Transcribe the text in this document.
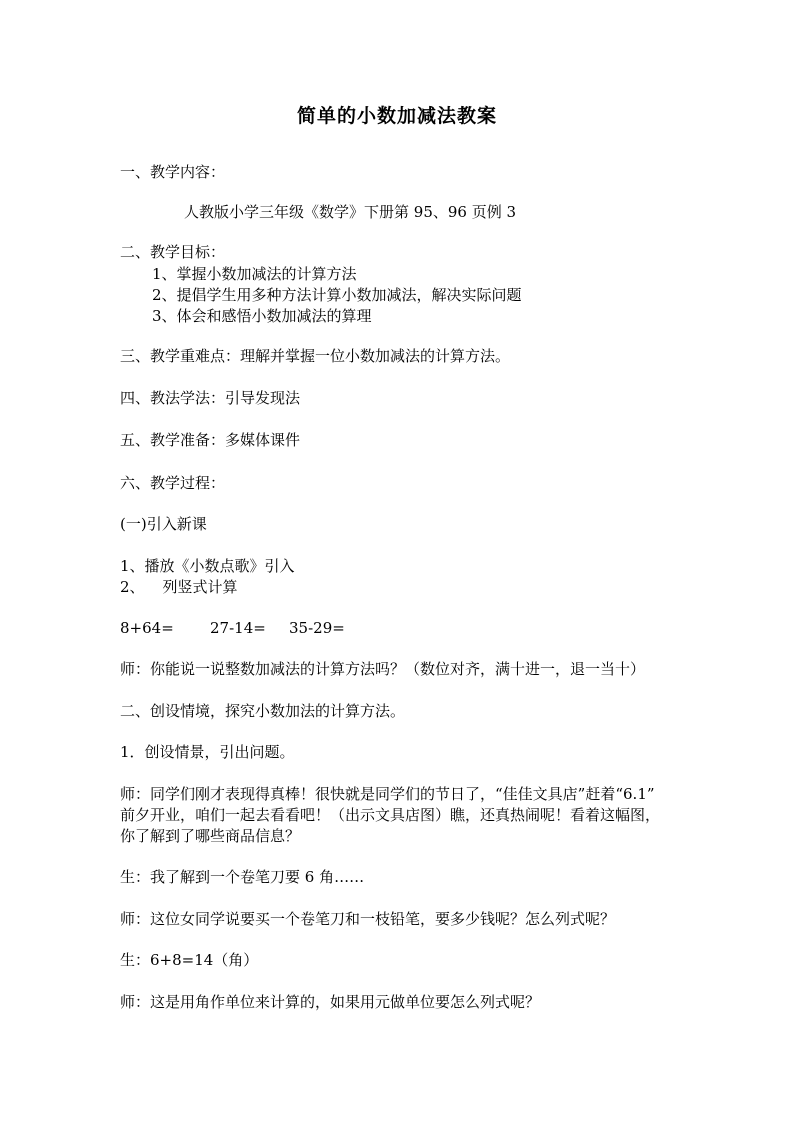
简单的小数加减法教案
一、教学内容：
人教版小学三年级《数学》下册第 95、96 页例 3
二、教学目标：
1、掌握小数加减法的计算方法
2、提倡学生用多种方法计算小数加减法，解决实际问题
3、体会和感悟小数加减法的算理
三、教学重难点：理解并掌握一位小数加减法的计算方法。
四、教法学法：引导发现法
五、教学准备：多媒体课件
六、教学过程：
(一)引入新课
1、播放《小数点歌》引入
2、 列竖式计算
8+64= 27-14= 35-29=
师：你能说一说整数加减法的计算方法吗？（数位对齐，满十进一，退一当十）
二、创设情境，探究小数加法的计算方法。
1．创设情景，引出问题。
师：同学们刚才表现得真棒！很快就是同学们的节日了，“佳佳文具店”赶着“6.1”
前夕开业，咱们一起去看看吧！（出示文具店图）瞧，还真热闹呢！看着这幅图，
你了解到了哪些商品信息？
生：我了解到一个卷笔刀要 6 角……
师：这位女同学说要买一个卷笔刀和一枝铅笔，要多少钱呢？怎么列式呢？
生：6+8=14（角）
师：这是用角作单位来计算的，如果用元做单位要怎么列式呢？
